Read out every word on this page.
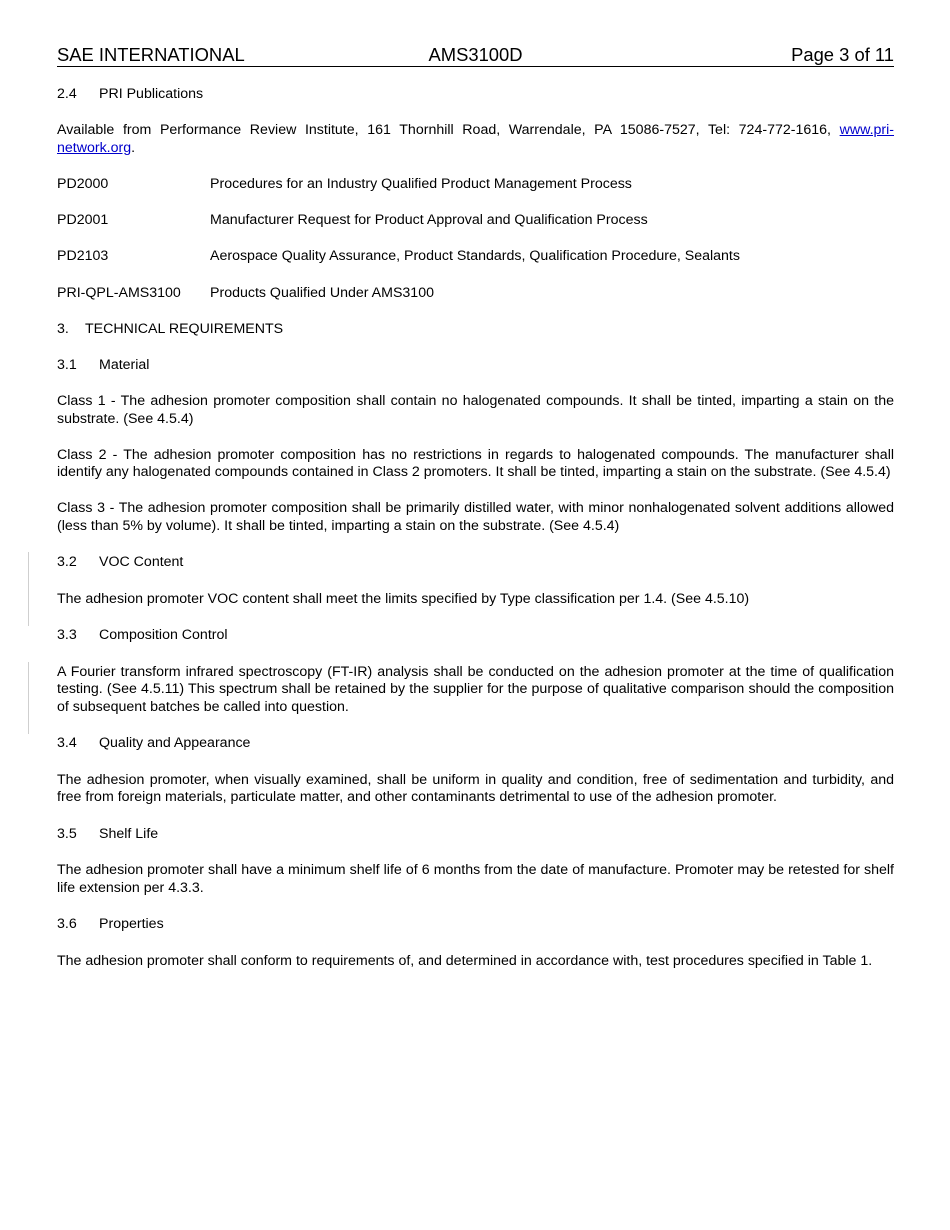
SAE INTERNATIONAL	AMS3100D	Page 3 of 11
2.4	PRI Publications

Available from Performance Review Institute, 161 Thornhill Road, Warrendale, PA 15086-7527, Tel: 724-772-1616, www.pri-network.org.

PD2000	Procedures for an Industry Qualified Product Management Process
PD2001	Manufacturer Request for Product Approval and Qualification Process
PD2103	Aerospace Quality Assurance, Product Standards, Qualification Procedure, Sealants
PRI-QPL-AMS3100	Products Qualified Under AMS3100
3.	TECHNICAL REQUIREMENTS
3.1	Material

Class 1 - The adhesion promoter composition shall contain no halogenated compounds. It shall be tinted, imparting a stain on the substrate. (See 4.5.4)

Class 2 - The adhesion promoter composition has no restrictions in regards to halogenated compounds. The manufacturer shall identify any halogenated compounds contained in Class 2 promoters. It shall be tinted, imparting a stain on the substrate. (See 4.5.4)

Class 3 - The adhesion promoter composition shall be primarily distilled water, with minor nonhalogenated solvent additions allowed (less than 5% by volume). It shall be tinted, imparting a stain on the substrate. (See 4.5.4)

3.2	VOC Content

The adhesion promoter VOC content shall meet the limits specified by Type classification per 1.4. (See 4.5.10)

3.3	Composition Control

A Fourier transform infrared spectroscopy (FT-IR) analysis shall be conducted on the adhesion promoter at the time of qualification testing. (See 4.5.11) This spectrum shall be retained by the supplier for the purpose of qualitative comparison should the composition of subsequent batches be called into question.

3.4	Quality and Appearance

The adhesion promoter, when visually examined, shall be uniform in quality and condition, free of sedimentation and turbidity, and free from foreign materials, particulate matter, and other contaminants detrimental to use of the adhesion promoter.

3.5	Shelf Life

The adhesion promoter shall have a minimum shelf life of 6 months from the date of manufacture. Promoter may be retested for shelf life extension per 4.3.3.

3.6	Properties

The adhesion promoter shall conform to requirements of, and determined in accordance with, test procedures specified in Table 1.
